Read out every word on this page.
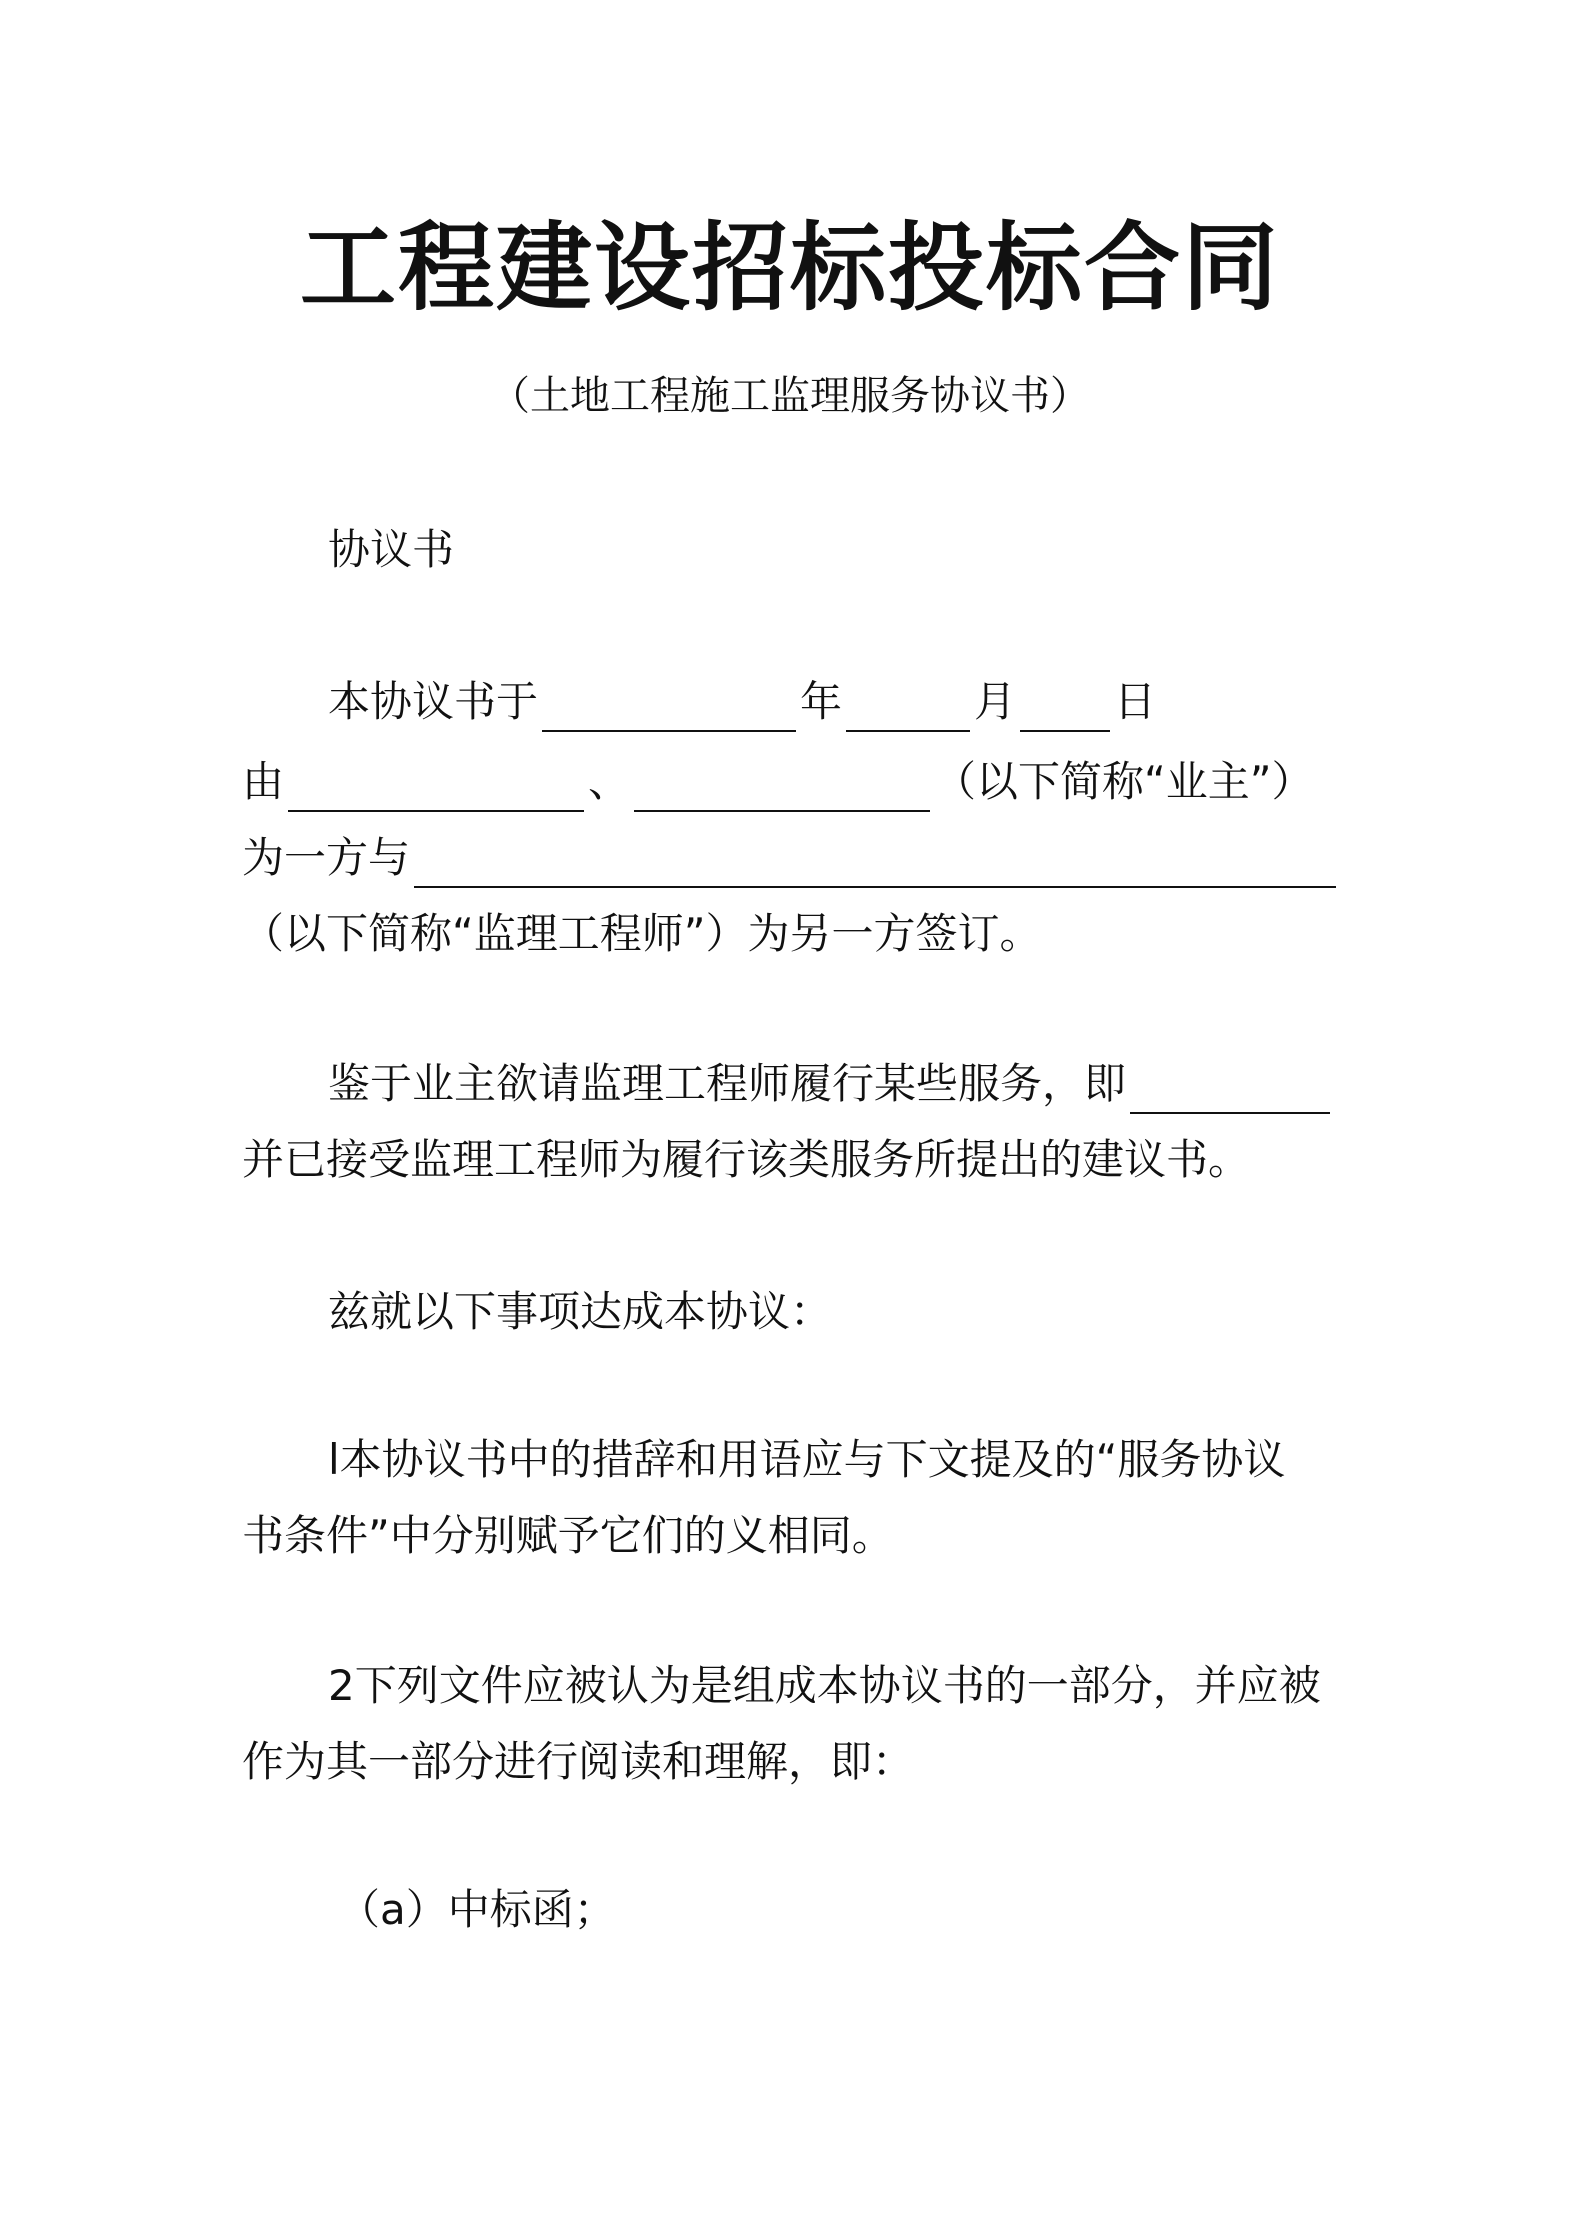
工程建设招标投标合同
（土地工程施工监理服务协议书）
协议书
本协议书于	年	月 日
由	、	（以下简称“业主”）
为一方与
（以下简称“监理工程师”）为另一方签订。
鉴于业主欲请监理工程师履行某些服务，即
并已接受监理工程师为履行该类服务所提出的建议书。
兹就以下事项达成本协议：
l本协议书中的措辞和用语应与下文提及的“服务协议
书条件”中分别赋予它们的义相同。
2下列文件应被认为是组成本协议书的一部分，并应被
作为其一部分进行阅读和理解，即：
（a）中标函；
